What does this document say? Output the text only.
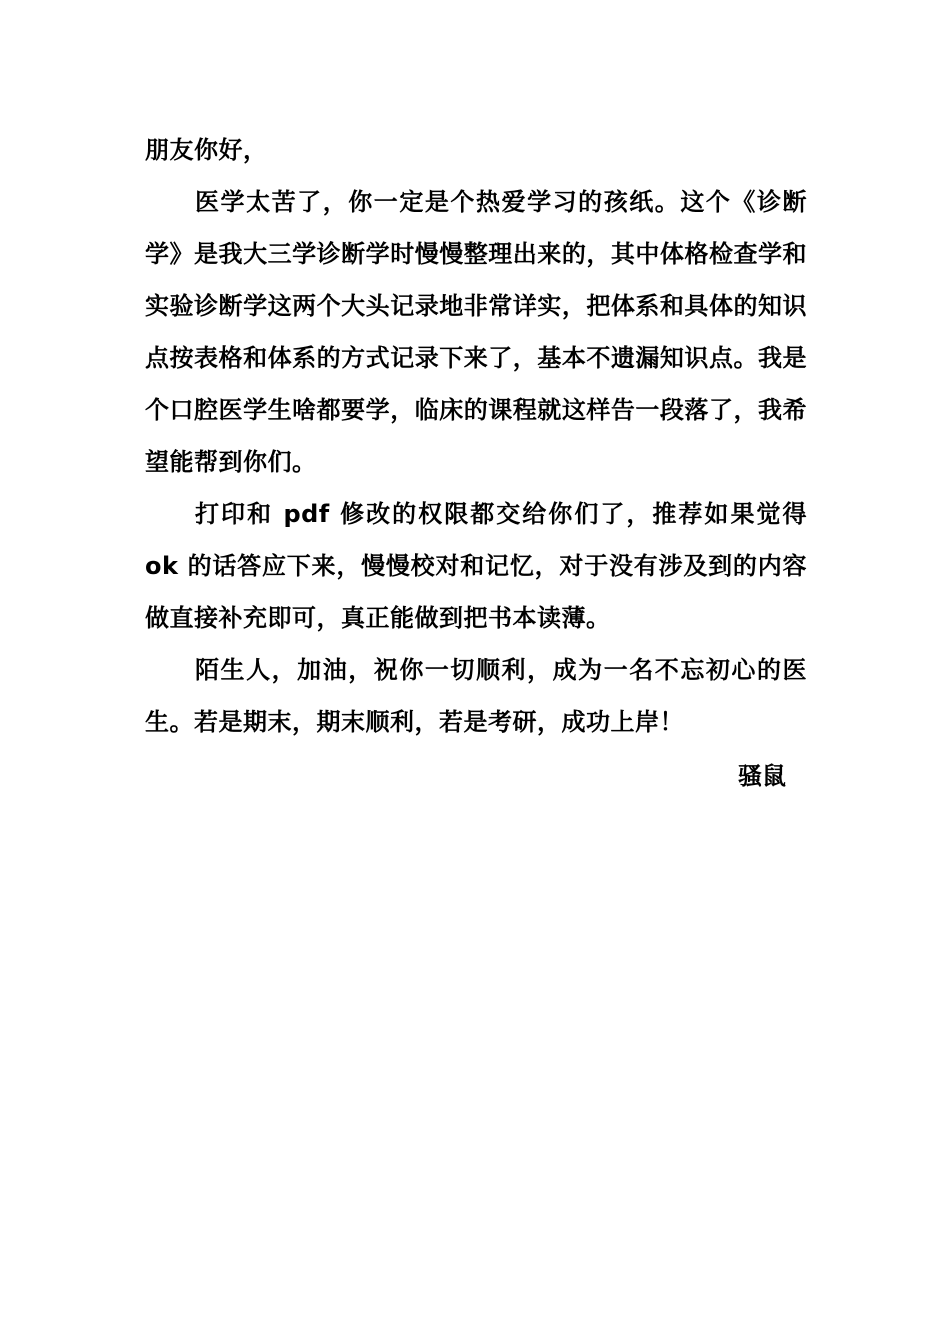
朋友你好，

医学太苦了，你一定是个热爱学习的孩纸。这个《诊断学》是我大三学诊断学时慢慢整理出来的，其中体格检查学和实验诊断学这两个大头记录地非常详实，把体系和具体的知识点按表格和体系的方式记录下来了，基本不遗漏知识点。我是个口腔医学生啥都要学，临床的课程就这样告一段落了，我希望能帮到你们。

打印和 pdf 修改的权限都交给你们了，推荐如果觉得 ok 的话答应下来，慢慢校对和记忆，对于没有涉及到的内容做直接补充即可，真正能做到把书本读薄。

陌生人，加油，祝你一切顺利，成为一名不忘初心的医生。若是期末，期末顺利，若是考研，成功上岸！

骚鼠
